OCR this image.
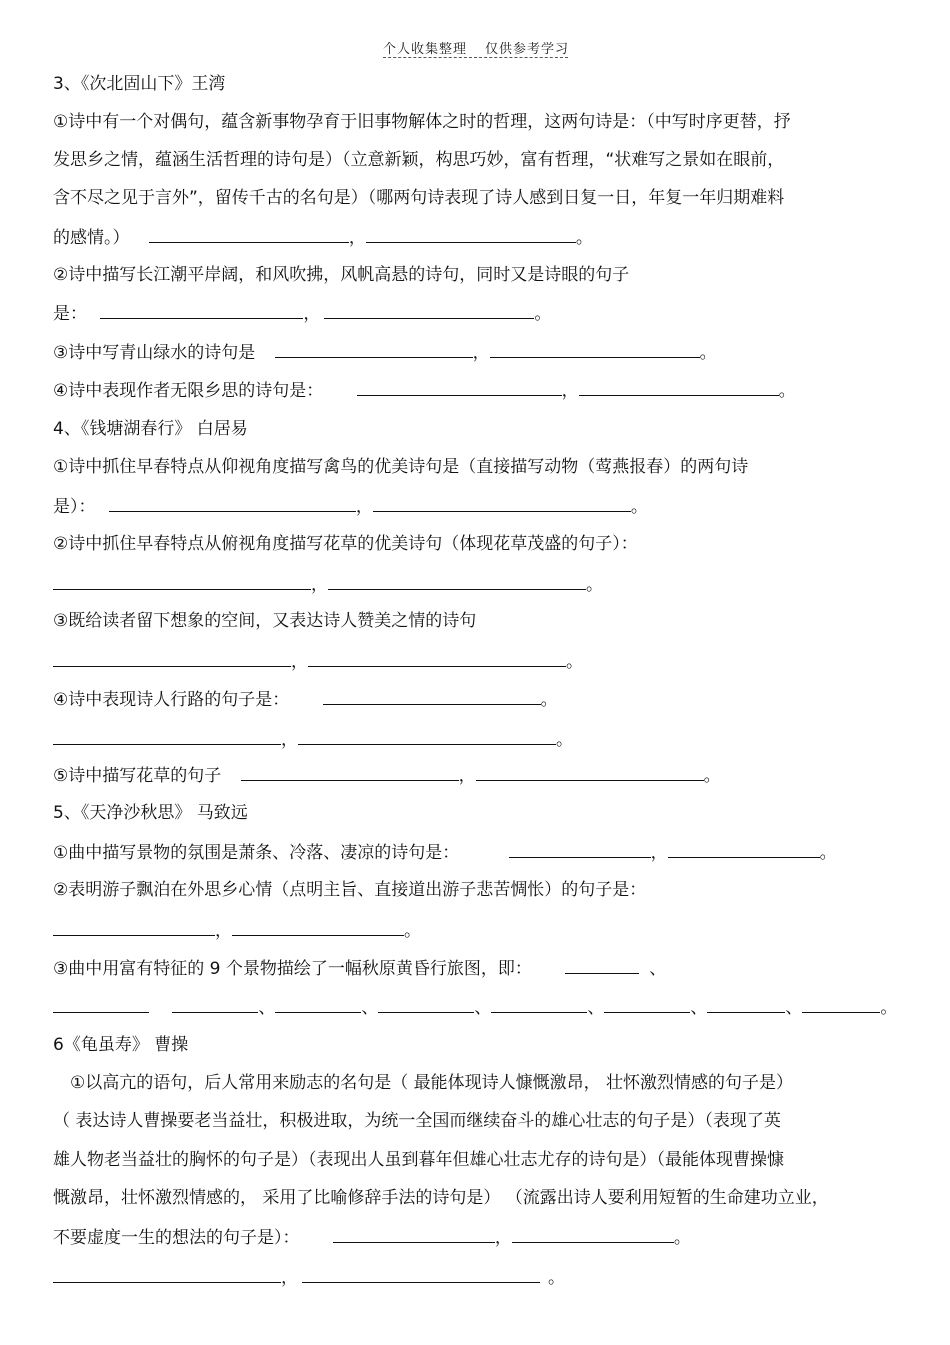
个人收集整理 仅供参考学习
3、《次北固山下》王湾
①诗中有一个对偶句，蕴含新事物孕育于旧事物解体之时的哲理，这两句诗是：（中写时序更替，抒
发思乡之情，蕴涵生活哲理的诗句是）（立意新颖，构思巧妙，富有哲理，“状难写之景如在眼前，
含不尽之见于言外”，留传千古的名句是）（哪两句诗表现了诗人感到日复一日，年复一年归期难料
的感情。）	，	。
②诗中描写长江潮平岸阔，和风吹拂，风帆高悬的诗句，同时又是诗眼的句子
是：	，	。
③诗中写青山绿水的诗句是	，	。
④诗中表现作者无限乡思的诗句是：	，	。
4、《钱塘湖春行》 白居易
①诗中抓住早春特点从仰视角度描写禽鸟的优美诗句是（直接描写动物（莺燕报春）的两句诗
是）：	，	。
②诗中抓住早春特点从俯视角度描写花草的优美诗句（体现花草茂盛的句子）：
，	。
③既给读者留下想象的空间，又表达诗人赞美之情的诗句
，	。
④诗中表现诗人行路的句子是：	。
，	。
⑤诗中描写花草的句子	，	。
5、《天净沙秋思》 马致远
①曲中描写景物的氛围是萧条、冷落、凄凉的诗句是：	，	。
②表明游子飘泊在外思乡心情（点明主旨、直接道出游子悲苦惆怅）的句子是：
，	。
③曲中用富有特征的 9 个景物描绘了一幅秋原黄昏行旅图，即：	、
、	、	、	、	、	、	。
6《龟虽寿》 曹操
①以高亢的语句，后人常用来励志的名句是（ 最能体现诗人慷慨激昂， 壮怀激烈情感的句子是）
（ 表达诗人曹操要老当益壮，积极进取，为统一全国而继续奋斗的雄心壮志的句子是）（表现了英
雄人物老当益壮的胸怀的句子是）（表现出人虽到暮年但雄心壮志尤存的诗句是）（最能体现曹操慷
慨激昂，壮怀激烈情感的， 采用了比喻修辞手法的诗句是） （流露出诗人要利用短暂的生命建功立业，
不要虚度一生的想法的句子是）：	，	。
，	。
